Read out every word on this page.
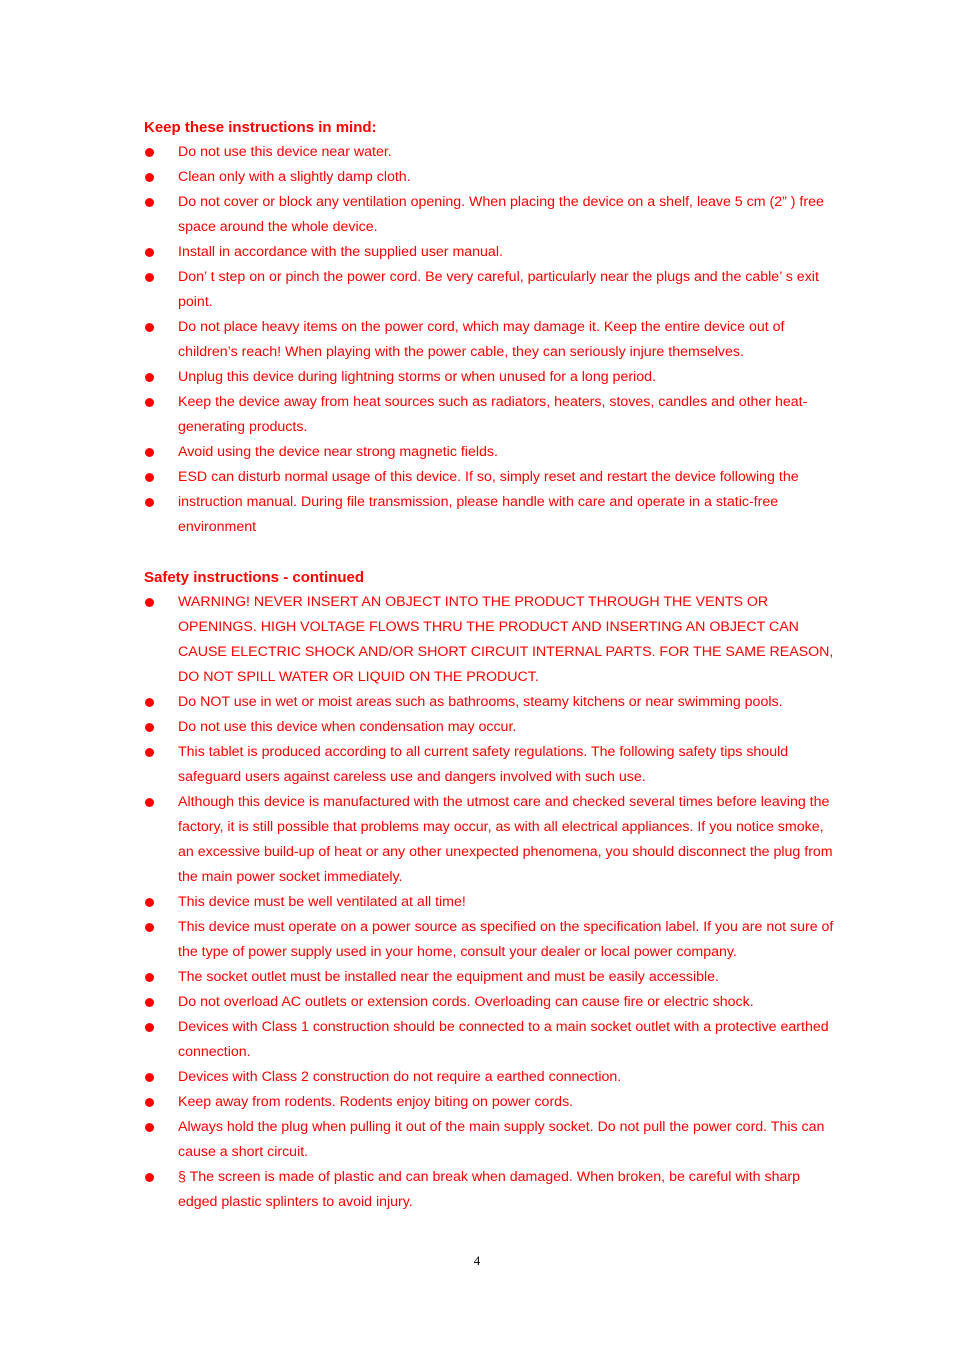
Keep these instructions in mind:
Do not use this device near water.
Clean only with a slightly damp cloth.
Do not cover or block any ventilation opening. When placing the device on a shelf, leave 5 cm (2” ) free space around the whole device.
Install in accordance with the supplied user manual.
Don’ t step on or pinch the power cord. Be very careful, particularly near the plugs and the cable’ s exit point.
Do not place heavy items on the power cord, which may damage it. Keep the entire device out of children’s reach! When playing with the power cable, they can seriously injure themselves.
Unplug this device during lightning storms or when unused for a long period.
Keep the device away from heat sources such as radiators, heaters, stoves, candles and other heat-generating products.
Avoid using the device near strong magnetic fields.
ESD can disturb normal usage of this device. If so, simply reset and restart the device following the
instruction manual. During file transmission, please handle with care and operate in a static-free environment
Safety instructions - continued
WARNING! NEVER INSERT AN OBJECT INTO THE PRODUCT THROUGH THE VENTS OR OPENINGS. HIGH VOLTAGE FLOWS THRU THE PRODUCT AND INSERTING AN OBJECT CAN CAUSE ELECTRIC SHOCK AND/OR SHORT CIRCUIT INTERNAL PARTS. FOR THE SAME REASON, DO NOT SPILL WATER OR LIQUID ON THE PRODUCT.
Do NOT use in wet or moist areas such as bathrooms, steamy kitchens or near swimming pools.
Do not use this device when condensation may occur.
This tablet is produced according to all current safety regulations. The following safety tips should safeguard users against careless use and dangers involved with such use.
Although this device is manufactured with the utmost care and checked several times before leaving the factory, it is still possible that problems may occur, as with all electrical appliances. If you notice smoke, an excessive build-up of heat or any other unexpected phenomena, you should disconnect the plug from the main power socket immediately.
This device must be well ventilated at all time!
This device must operate on a power source as specified on the specification label. If you are not sure of the type of power supply used in your home, consult your dealer or local power company.
The socket outlet must be installed near the equipment and must be easily accessible.
Do not overload AC outlets or extension cords. Overloading can cause fire or electric shock.
Devices with Class 1 construction should be connected to a main socket outlet with a protective earthed connection.
Devices with Class 2 construction do not require a earthed connection.
Keep away from rodents. Rodents enjoy biting on power cords.
Always hold the plug when pulling it out of the main supply socket. Do not pull the power cord. This can cause a short circuit.
§ The screen is made of plastic and can break when damaged. When broken, be careful with sharp edged plastic splinters to avoid injury.
4
